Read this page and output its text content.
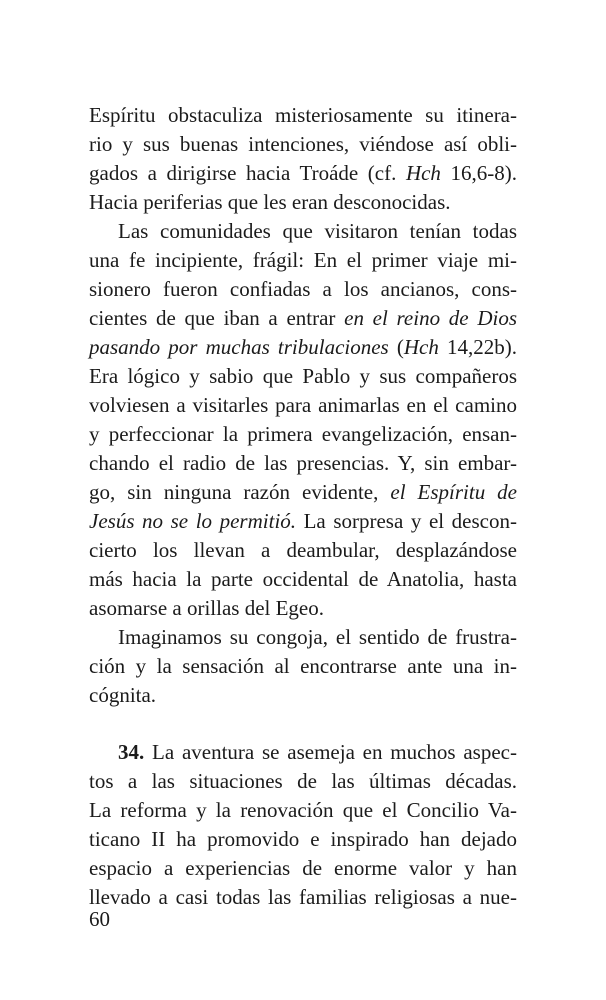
Espíritu obstaculiza misteriosamente su itinera-
rio y sus buenas intenciones, viéndose así obli-
gados a dirigirse hacia Troáde (cf. Hch 16,6-8).
Hacia periferias que les eran desconocidas.
Las comunidades que visitaron tenían todas
una fe incipiente, frágil: En el primer viaje mi-
sionero fueron confiadas a los ancianos, cons-
cientes de que iban a entrar en el reino de Dios
pasando por muchas tribulaciones (Hch 14,22b).
Era lógico y sabio que Pablo y sus compañeros
volviesen a visitarles para animarlas en el camino
y perfeccionar la primera evangelización, ensan-
chando el radio de las presencias. Y, sin embar-
go, sin ninguna razón evidente, el Espíritu de
Jesús no se lo permitió. La sorpresa y el descon-
cierto los llevan a deambular, desplazándose
más hacia la parte occidental de Anatolia, hasta
asomarse a orillas del Egeo.
Imaginamos su congoja, el sentido de frustra-
ción y la sensación al encontrarse ante una in-
cógnita.
34. La aventura se asemeja en muchos aspec-
tos a las situaciones de las últimas décadas.
La reforma y la renovación que el Concilio Va-
ticano II ha promovido e inspirado han dejado
espacio a experiencias de enorme valor y han
llevado a casi todas las familias religiosas a nue-
60
